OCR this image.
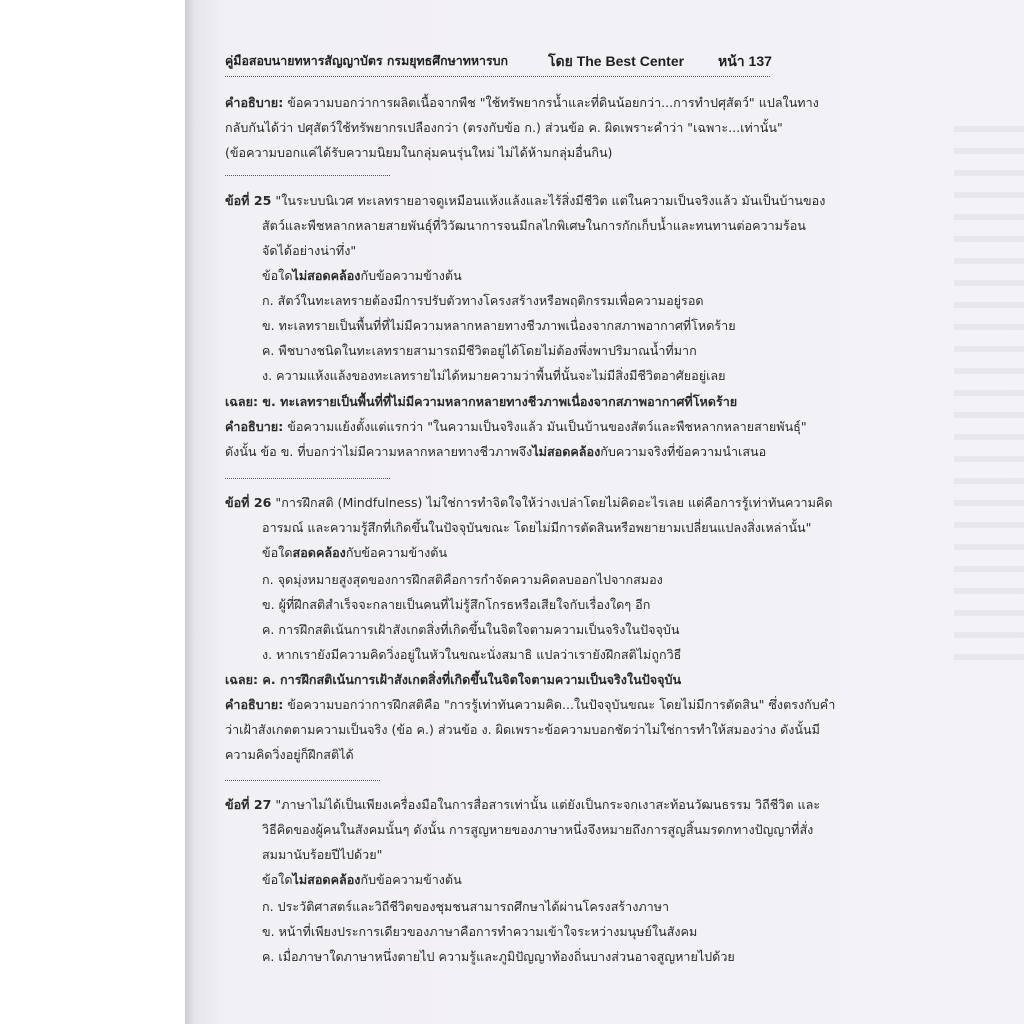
คู่มือสอบนายทหารสัญญาบัตร กรมยุทธศึกษาทหารบก	โดย The Best Center หน้า 137
คำอธิบาย: ข้อความบอกว่าการผลิตเนื้อจากพืช "ใช้ทรัพยากรน้ำและที่ดินน้อยกว่า...การทำปศุสัตว์" แปลในทาง
กลับกันได้ว่า ปศุสัตว์ใช้ทรัพยากรเปลืองกว่า (ตรงกับข้อ ก.) ส่วนข้อ ค. ผิดเพราะคำว่า "เฉพาะ...เท่านั้น"
(ข้อความบอกแค่ได้รับความนิยมในกลุ่มคนรุ่นใหม่ ไม่ได้ห้ามกลุ่มอื่นกิน)
ข้อที่ 25 "ในระบบนิเวศ ทะเลทรายอาจดูเหมือนแห้งแล้งและไร้สิ่งมีชีวิต แต่ในความเป็นจริงแล้ว มันเป็นบ้านของ
สัตว์และพืชหลากหลายสายพันธุ์ที่วิวัฒนาการจนมีกลไกพิเศษในการกักเก็บน้ำและทนทานต่อความร้อน
จัดได้อย่างน่าทึ่ง"
ข้อใดไม่สอดคล้องกับข้อความข้างต้น
ก. สัตว์ในทะเลทรายต้องมีการปรับตัวทางโครงสร้างหรือพฤติกรรมเพื่อความอยู่รอด
ข. ทะเลทรายเป็นพื้นที่ที่ไม่มีความหลากหลายทางชีวภาพเนื่องจากสภาพอากาศที่โหดร้าย
ค. พืชบางชนิดในทะเลทรายสามารถมีชีวิตอยู่ได้โดยไม่ต้องพึ่งพาปริมาณน้ำที่มาก
ง. ความแห้งแล้งของทะเลทรายไม่ได้หมายความว่าพื้นที่นั้นจะไม่มีสิ่งมีชีวิตอาศัยอยู่เลย
เฉลย: ข. ทะเลทรายเป็นพื้นที่ที่ไม่มีความหลากหลายทางชีวภาพเนื่องจากสภาพอากาศที่โหดร้าย
คำอธิบาย: ข้อความแย้งตั้งแต่แรกว่า "ในความเป็นจริงแล้ว มันเป็นบ้านของสัตว์และพืชหลากหลายสายพันธุ์"
ดังนั้น ข้อ ข. ที่บอกว่าไม่มีความหลากหลายทางชีวภาพจึงไม่สอดคล้องกับความจริงที่ข้อความนำเสนอ
ข้อที่ 26 "การฝึกสติ (Mindfulness) ไม่ใช่การทำจิตใจให้ว่างเปล่าโดยไม่คิดอะไรเลย แต่คือการรู้เท่าทันความคิด
อารมณ์ และความรู้สึกที่เกิดขึ้นในปัจจุบันขณะ โดยไม่มีการตัดสินหรือพยายามเปลี่ยนแปลงสิ่งเหล่านั้น"
ข้อใดสอดคล้องกับข้อความข้างต้น
ก. จุดมุ่งหมายสูงสุดของการฝึกสติคือการกำจัดความคิดลบออกไปจากสมอง
ข. ผู้ที่ฝึกสติสำเร็จจะกลายเป็นคนที่ไม่รู้สึกโกรธหรือเสียใจกับเรื่องใดๆ อีก
ค. การฝึกสติเน้นการเฝ้าสังเกตสิ่งที่เกิดขึ้นในจิตใจตามความเป็นจริงในปัจจุบัน
ง. หากเรายังมีความคิดวิ่งอยู่ในหัวในขณะนั่งสมาธิ แปลว่าเรายังฝึกสติไม่ถูกวิธี
เฉลย: ค. การฝึกสติเน้นการเฝ้าสังเกตสิ่งที่เกิดขึ้นในจิตใจตามความเป็นจริงในปัจจุบัน
คำอธิบาย: ข้อความบอกว่าการฝึกสติคือ "การรู้เท่าทันความคิด...ในปัจจุบันขณะ โดยไม่มีการตัดสิน" ซึ่งตรงกับคำ
ว่าเฝ้าสังเกตตามความเป็นจริง (ข้อ ค.) ส่วนข้อ ง. ผิดเพราะข้อความบอกชัดว่าไม่ใช่การทำให้สมองว่าง ดังนั้นมี
ความคิดวิ่งอยู่ก็ฝึกสติได้
ข้อที่ 27 "ภาษาไม่ได้เป็นเพียงเครื่องมือในการสื่อสารเท่านั้น แต่ยังเป็นกระจกเงาสะท้อนวัฒนธรรม วิถีชีวิต และ
วิธีคิดของผู้คนในสังคมนั้นๆ ดังนั้น การสูญหายของภาษาหนึ่งจึงหมายถึงการสูญสิ้นมรดกทางปัญญาที่สั่ง
สมมานับร้อยปีไปด้วย"
ข้อใดไม่สอดคล้องกับข้อความข้างต้น
ก. ประวัติศาสตร์และวิถีชีวิตของชุมชนสามารถศึกษาได้ผ่านโครงสร้างภาษา
ข. หน้าที่เพียงประการเดียวของภาษาคือการทำความเข้าใจระหว่างมนุษย์ในสังคม
ค. เมื่อภาษาใดภาษาหนึ่งตายไป ความรู้และภูมิปัญญาท้องถิ่นบางส่วนอาจสูญหายไปด้วย
